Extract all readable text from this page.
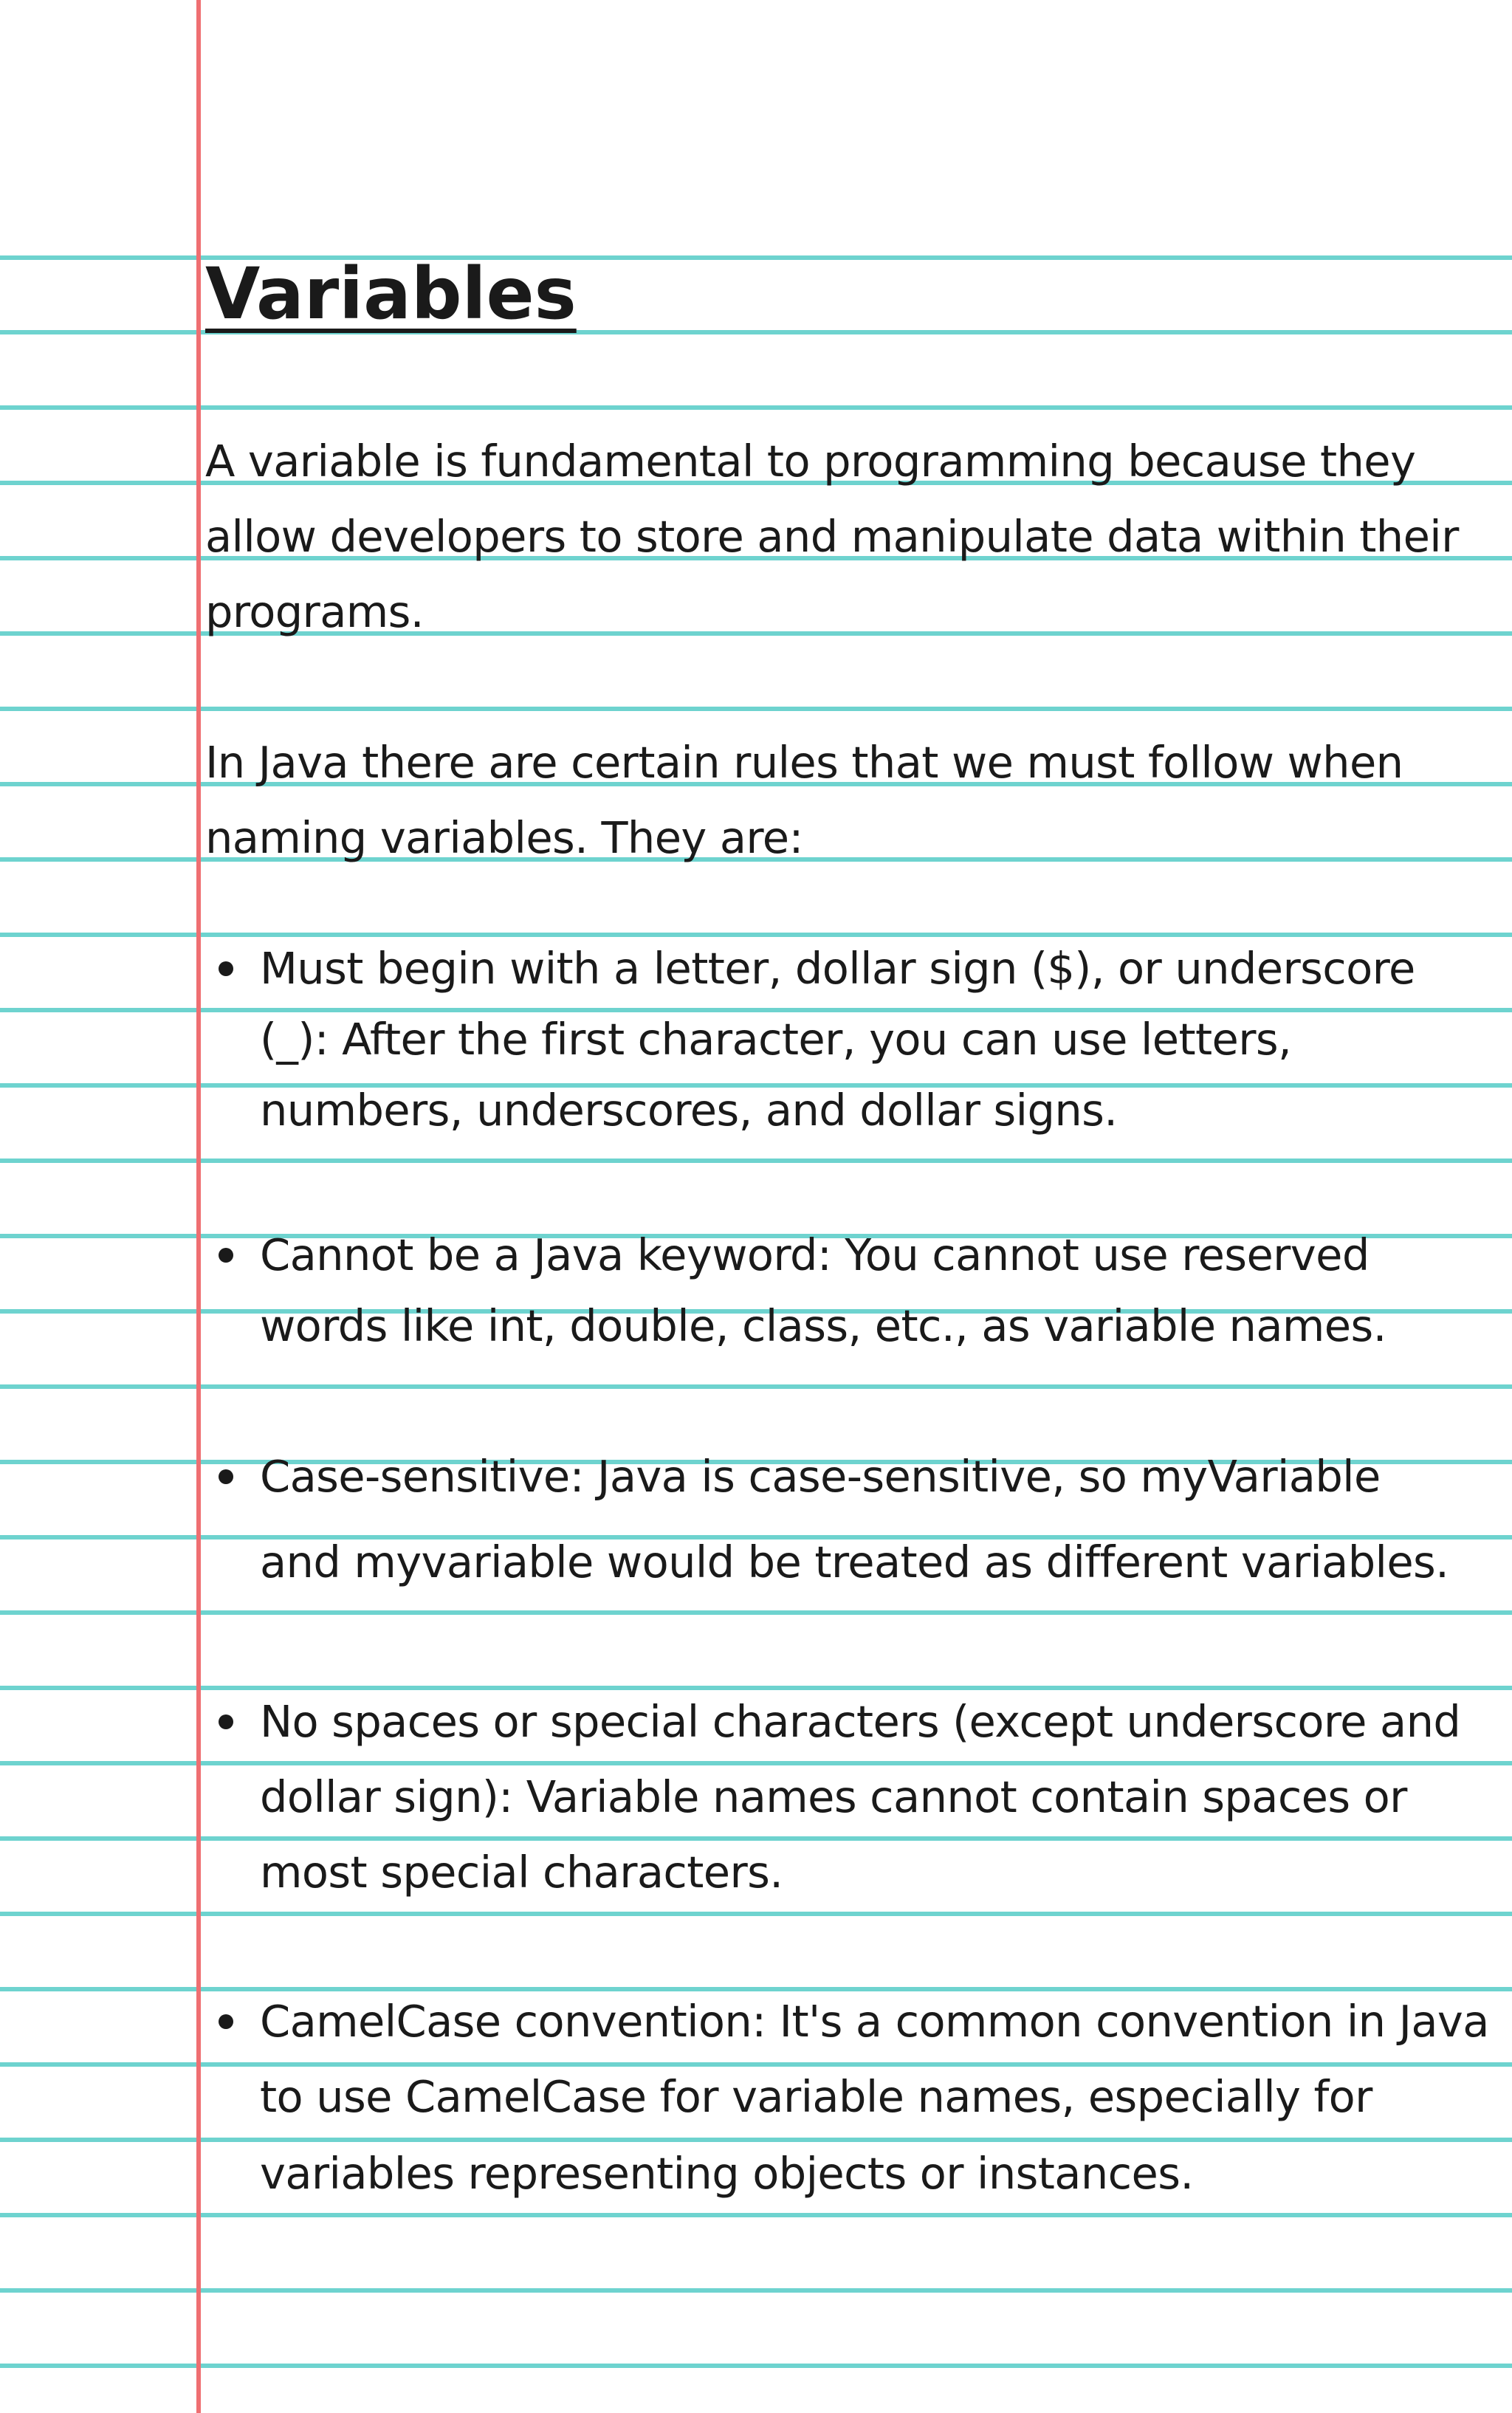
Variables

A variable is fundamental to programming because they

allow developers to store and manipulate data within their

programs.

In Java there are certain rules that we must follow when

naming variables. They are:

Must begin with a letter, dollar sign ($), or underscore

(_): After the first character, you can use letters,

numbers, underscores, and dollar signs.

Cannot be a Java keyword: You cannot use reserved

words like int, double, class, etc., as variable names.

Case-sensitive: Java is case-sensitive, so myVariable

and myvariable would be treated as different variables.

No spaces or special characters (except underscore and

dollar sign): Variable names cannot contain spaces or

most special characters.

CamelCase convention: It's a common convention in Java

to use CamelCase for variable names, especially for

variables representing objects or instances.
